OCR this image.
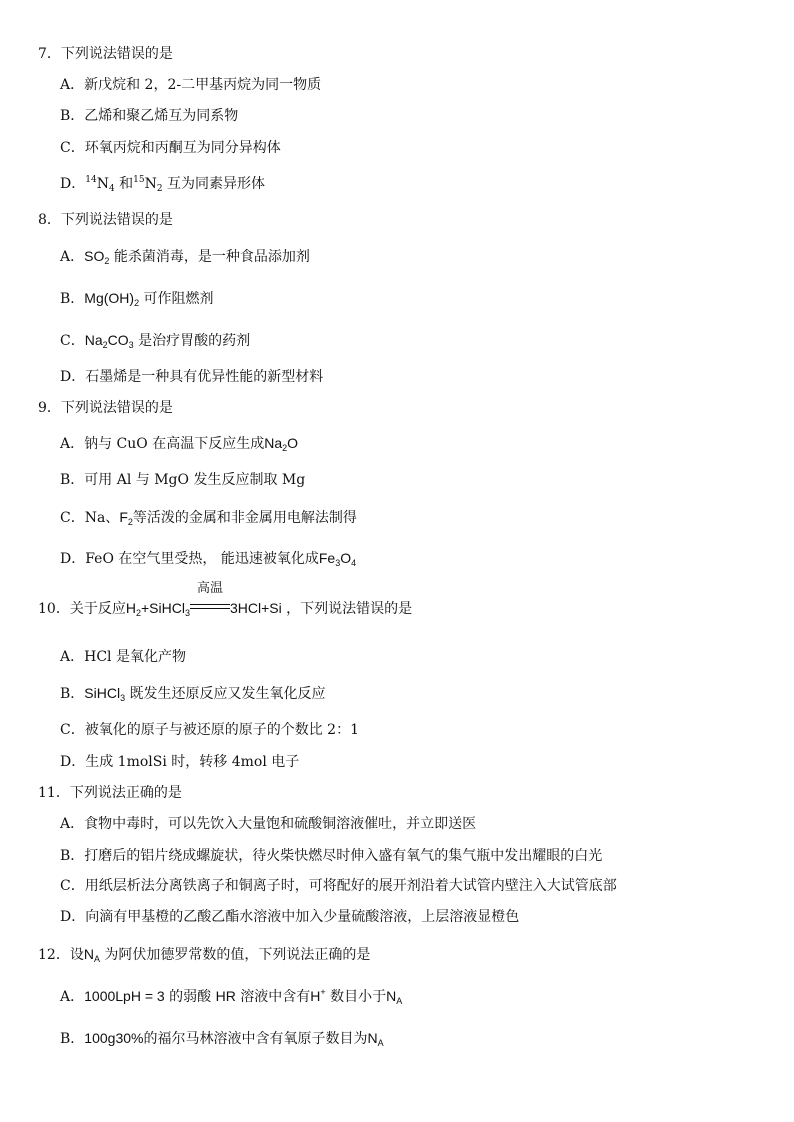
7．下列说法错误的是
A．新戊烷和 2，2-二甲基丙烷为同一物质
B．乙烯和聚乙烯互为同系物
C．环氧丙烷和丙酮互为同分异构体
D．$^{14}N_4$ 和$^{15}N_2$ 互为同素异形体
8．下列说法错误的是
A．$SO_2$ 能杀菌消毒，是一种食品添加剂
B．$Mg(OH)_2$ 可作阻燃剂
C．$Na_2CO_3$ 是治疗胃酸的药剂
D．石墨烯是一种具有优异性能的新型材料
9．下列说法错误的是
A．钠与 CuO 在高温下反应生成$Na_2O$
B．可用 Al 与 MgO 发生反应制取 Mg
C．Na、$F_2$等活泼的金属和非金属用电解法制得
D．FeO 在空气里受热， 能迅速被氧化成$Fe_3O_4$
10．关于反应$H_2+SiHCl_3$
高温
3HCl+Si ，下列说法错误的是
A．HCl 是氧化产物
B．SiHCl$_3$ 既发生还原反应又发生氧化反应
C．被氧化的原子与被还原的原子的个数比 2：1
D．生成 1molSi 时，转移 4mol 电子
11．下列说法正确的是
A．食物中毒时，可以先饮入大量饱和硫酸铜溶液催吐，并立即送医
B．打磨后的铝片绕成螺旋状，待火柴快燃尽时伸入盛有氧气的集气瓶中发出耀眼的白光
C．用纸层析法分离铁离子和铜离子时，可将配好的展开剂沿着大试管内壁注入大试管底部
D．向滴有甲基橙的乙酸乙酯水溶液中加入少量硫酸溶液，上层溶液显橙色
12．设$N_A$ 为阿伏加德罗常数的值，下列说法正确的是
A．1000LpH = 3 的弱酸 HR 溶液中含有H+ 数目小于$N_A$
B．100g30%的福尔马林溶液中含有氧原子数目为$N_A$
